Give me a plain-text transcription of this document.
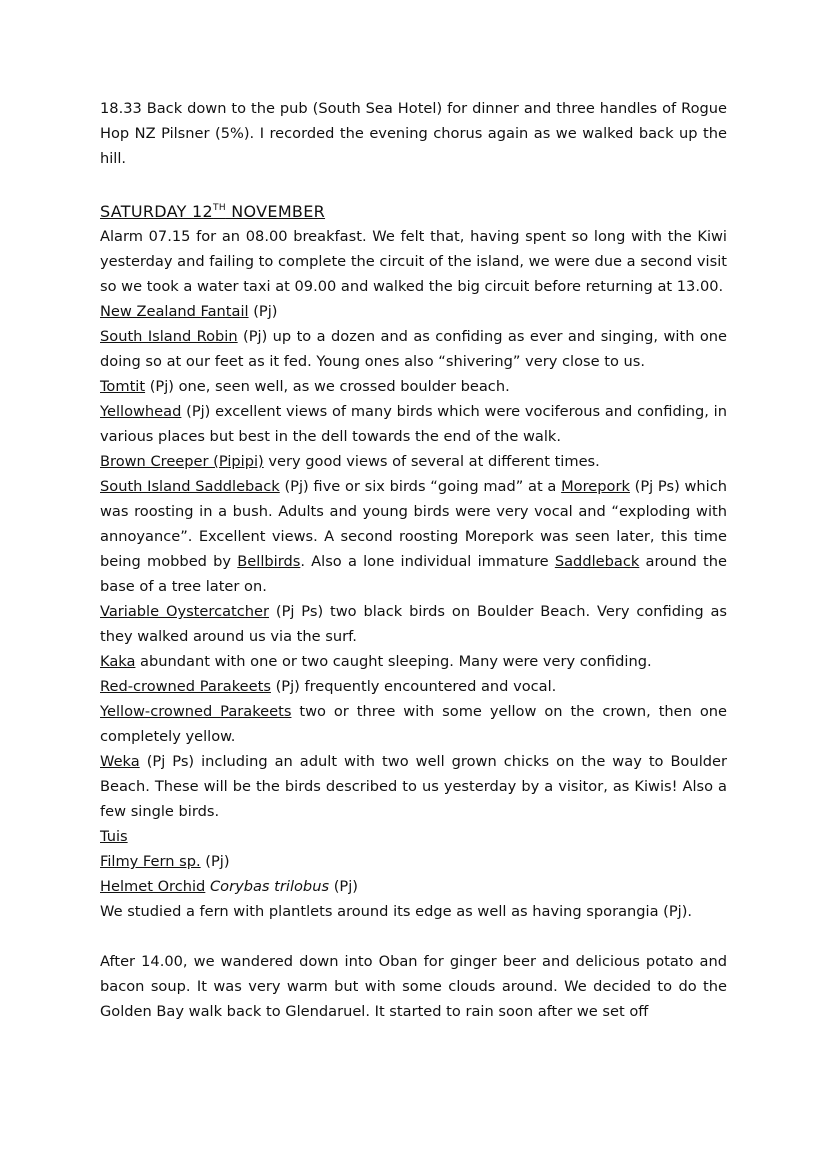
18.33 Back down to the pub (South Sea Hotel) for dinner and three handles of Rogue Hop NZ Pilsner (5%). I recorded the evening chorus again as we walked back up the hill.

SATURDAY 12TH NOVEMBER

Alarm 07.15 for an 08.00 breakfast. We felt that, having spent so long with the Kiwi yesterday and failing to complete the circuit of the island, we were due a second visit so we took a water taxi at 09.00 and walked the big circuit before returning at 13.00.

New Zealand Fantail (Pj)

South Island Robin (Pj) up to a dozen and as confiding as ever and singing, with one doing so at our feet as it fed. Young ones also “shivering” very close to us.

Tomtit (Pj) one, seen well, as we crossed boulder beach.

Yellowhead (Pj) excellent views of many birds which were vociferous and confiding, in various places but best in the dell towards the end of the walk.

Brown Creeper (Pipipi) very good views of several at different times.

South Island Saddleback (Pj) five or six birds “going mad” at a Morepork (Pj Ps) which was roosting in a bush. Adults and young birds were very vocal and “exploding with annoyance”. Excellent views. A second roosting Morepork was seen later, this time being mobbed by Bellbirds. Also a lone individual immature Saddleback around the base of a tree later on.

Variable Oystercatcher (Pj Ps) two black birds on Boulder Beach. Very confiding as they walked around us via the surf.

Kaka abundant with one or two caught sleeping. Many were very confiding.

Red-crowned Parakeets (Pj) frequently encountered and vocal.

Yellow-crowned Parakeets two or three with some yellow on the crown, then one completely yellow.

Weka (Pj Ps) including an adult with two well grown chicks on the way to Boulder Beach. These will be the birds described to us yesterday by a visitor, as Kiwis! Also a few single birds.

Tuis

Filmy Fern sp. (Pj)

Helmet Orchid Corybas trilobus (Pj)

We studied a fern with plantlets around its edge as well as having sporangia (Pj).

After 14.00, we wandered down into Oban for ginger beer and delicious potato and bacon soup. It was very warm but with some clouds around. We decided to do the Golden Bay walk back to Glendaruel. It started to rain soon after we set off
